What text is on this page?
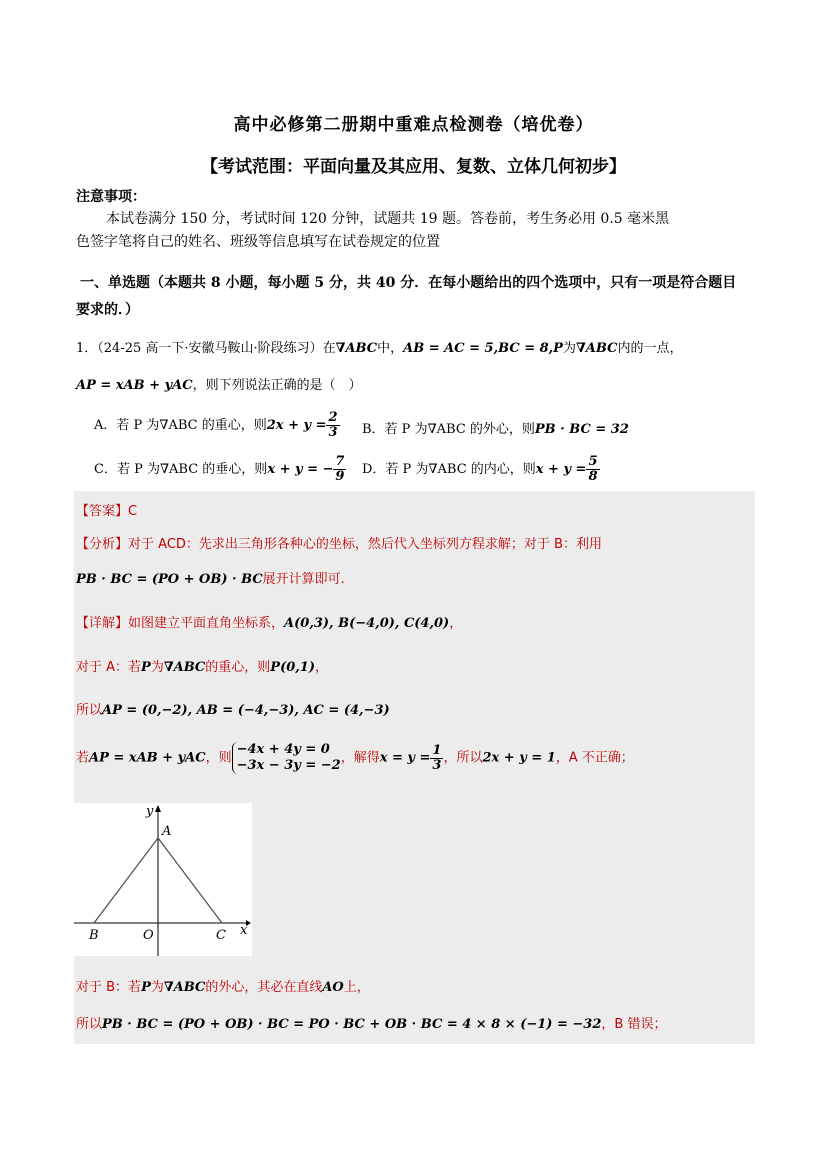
高中必修第二册期中重难点检测卷（培优卷）
【考试范围：平面向量及其应用、复数、立体几何初步】
注意事项：
本试卷满分 150 分，考试时间 120 分钟，试题共 19 题。答卷前，考生务必用 0.5 毫米黑
色签字笔将自己的姓名、班级等信息填写在试卷规定的位置
一、单选题（本题共 8 小题，每小题 5 分，共 40 分．在每小题给出的四个选项中，只有一项是符合题目
要求的．）
1．（24-25 高一下·安徽马鞍山·阶段练习）在∇ABC中，AB = AC = 5,BC = 8,P为∇ABC内的一点，
AP = xAB + yAC，则下列说法正确的是（　）
A．若 P 为∇ABC 的重心，则$2x + y = \frac{2}{3}$ B．若 P 为∇ABC 的外心，则PB · BC = 32
C．若 P 为∇ABC 的垂心，则x + y = − $\frac{7}{9}$ D．若 P 为∇ABC 的内心，则$x + y = \frac{5}{8}$
【答案】C
【分析】对于 ACD：先求出三角形各种心的坐标，然后代入坐标列方程求解；对于 B：利用
PB · BC = (PO + OB) · BC展开计算即可.
【详解】如图建立平面直角坐标系，A(0,3), B(−4,0), C(4,0)，
对于 A：若P为∇ABC的重心，则P(0,1)，
所以AP = (0,−2), AB = (−4,−3), AC = (4,−3)
若AP = xAB + yAC，则
−4x + 4y = 0
−3x − 3y = −2 ，解得$x = y = \frac{1}{3}$ ，所以2x + y = 1，A 不正确；
y
x
A
B	C
O
对于 B：若P为∇ABC的外心，其必在直线AO上，
所以PB · BC = (PO + OB) · BC = PO · BC + OB · BC = 4 × 8 × (−1) = −32，B 错误；
